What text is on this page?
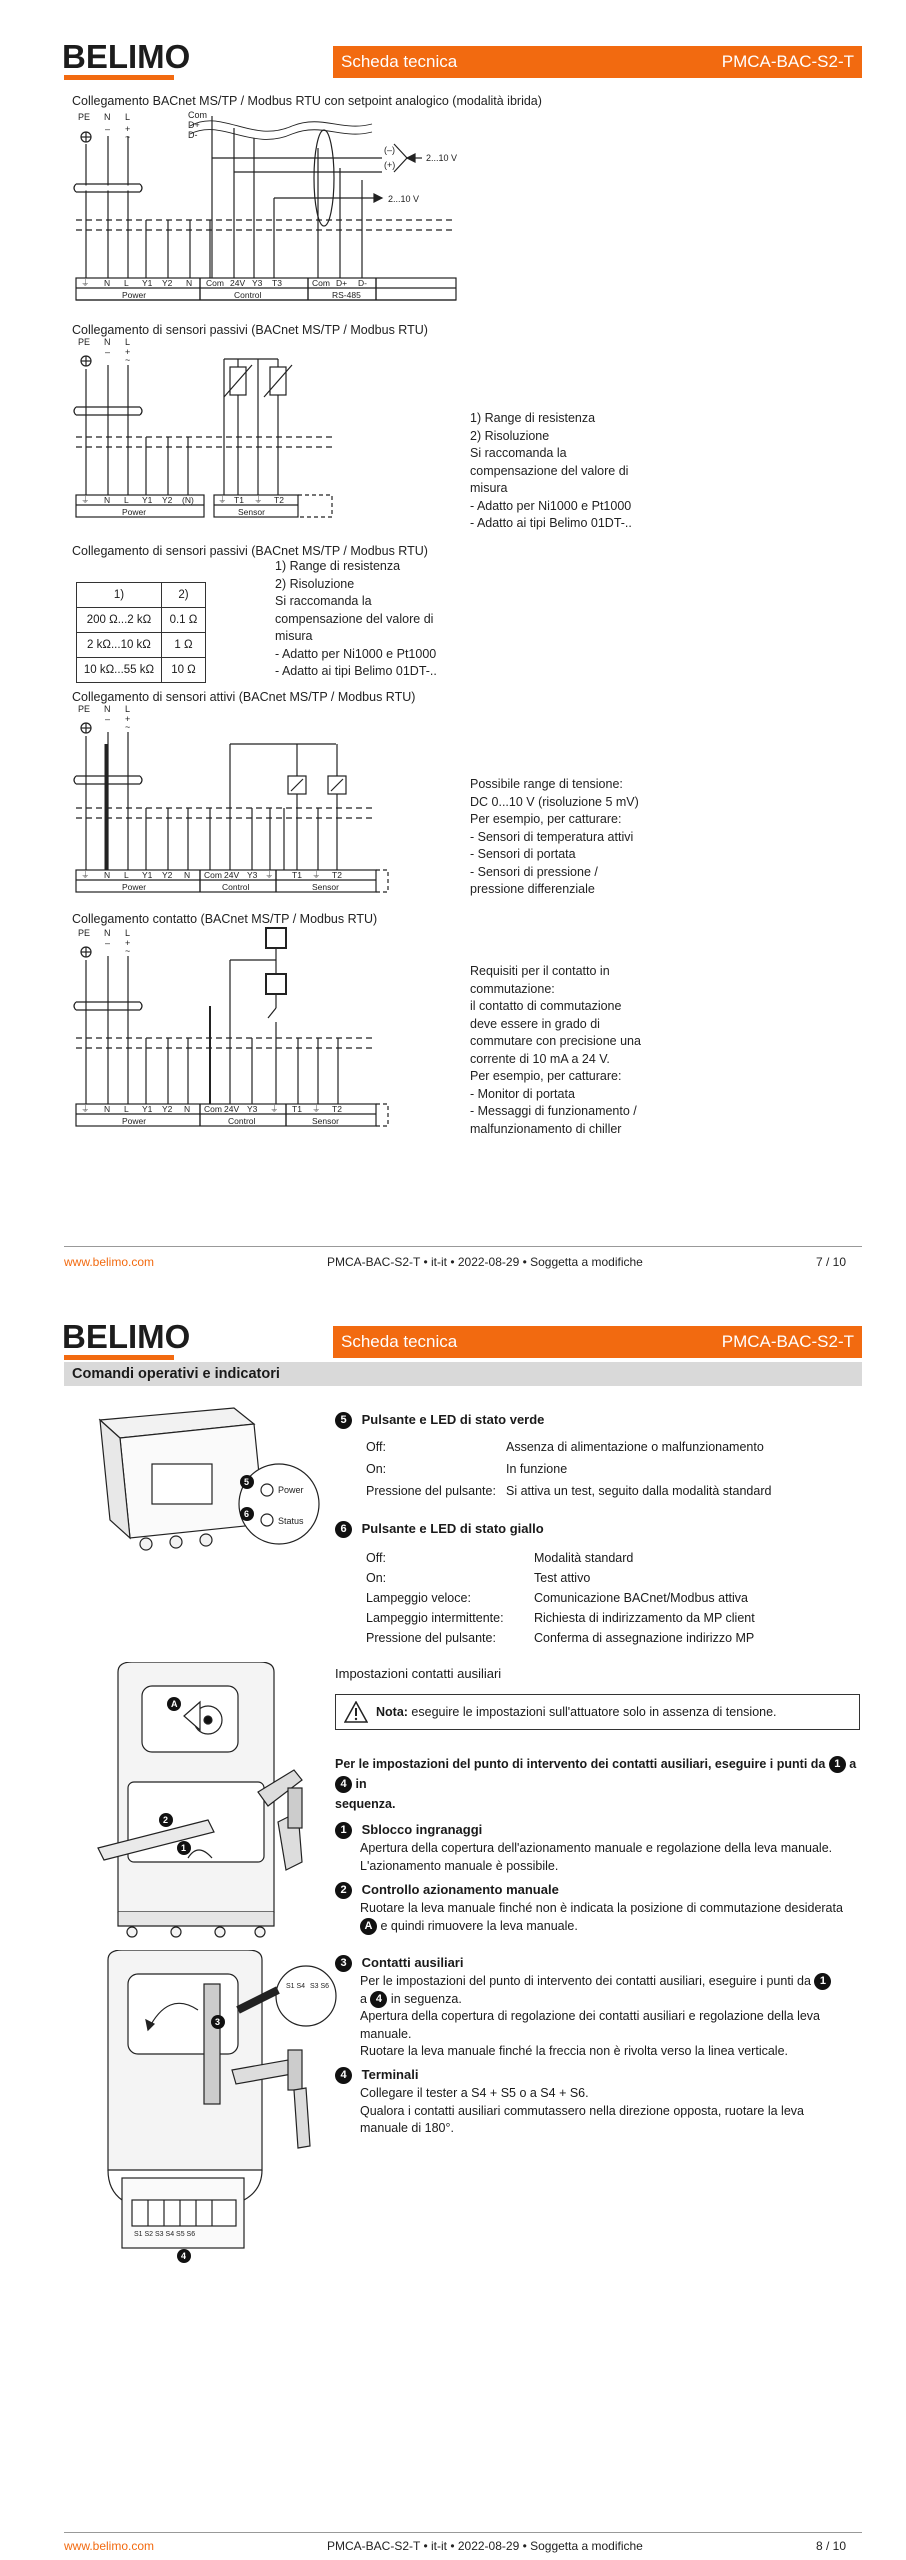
BELIMO	Scheda tecnica	PMCA-BAC-S2-T
Collegamento BACnet MS/TP / Modbus RTU con setpoint analogico (modalità ibrida)
PE N L
– +
~
Com
D+
D-
(–)
(+)
2...10 V
2...10 V
⏚ N L Y1 Y2 N Com 24V Y3 T3	Com D+ D-
Power	Control	RS-485
Collegamento di sensori passivi (BACnet MS/TP / Modbus RTU)
PE N L
– +
~
⏚ N L Y1 Y2 (N)	⏚ T1 ⏚ T2
Power	Sensor
1) Range di resistenza
2) Risoluzione
Si raccomanda la
compensazione del valore di
misura
- Adatto per Ni1000 e Pt1000
- Adatto ai tipi Belimo 01DT-..
Collegamento di sensori passivi (BACnet MS/TP / Modbus RTU)
1)	2)
200 Ω...2 kΩ	0.1 Ω
2 kΩ...10 kΩ	1 Ω
10 kΩ...55 kΩ	10 Ω
1) Range di resistenza
2) Risoluzione
Si raccomanda la
compensazione del valore di
misura
- Adatto per Ni1000 e Pt1000
- Adatto ai tipi Belimo 01DT-..
Collegamento di sensori attivi (BACnet MS/TP / Modbus RTU)
PE N L
– +
~
⏚ N L Y1 Y2 N Com 24V Y3 ⏚ T1 ⏚ T2
Power	Control	Sensor
Possibile range di tensione:
DC 0...10 V (risoluzione 5 mV)
Per esempio, per catturare:
- Sensori di temperatura attivi
- Sensori di portata
- Sensori di pressione /
pressione differenziale
Collegamento contatto (BACnet MS/TP / Modbus RTU)
PE N L
– +
~
⏚ N L Y1 Y2 N Com 24V Y3 ⏚ T1 ⏚ T2
Power	Control	Sensor
Requisiti per il contatto in
commutazione:
il contatto di commutazione
deve essere in grado di
commutare con precisione una
corrente di 10 mA a 24 V.
Per esempio, per catturare:
- Monitor di portata
- Messaggi di funzionamento /
malfunzionamento di chiller
www.belimo.com	PMCA-BAC-S2-T • it-it • 2022-08-29 • Soggetta a modifiche	7 / 10
BELIMO	Scheda tecnica	PMCA-BAC-S2-T
Comandi operativi e indicatori
5
Power
6
Status
5 Pulsante e LED di stato verde
Off:	Assenza di alimentazione o malfunzionamento
On:	In funzione
Pressione del pulsante: Si attiva un test, seguito dalla modalità standard
6 Pulsante e LED di stato giallo
Off:	Modalità standard
On:	Test attivo
Lampeggio veloce:	Comunicazione BACnet/Modbus attiva
Lampeggio intermittente: Richiesta di indirizzamento da MP client
Pressione del pulsante:	Conferma di assegnazione indirizzo MP
Impostazioni contatti ausiliari
Nota: eseguire le impostazioni sull'attuatore solo in assenza di tensione.
Per le impostazioni del punto di intervento dei contatti ausiliari, eseguire i punti da 1 a 4 in
sequenza.
1 Sblocco ingranaggi
Apertura della copertura dell'azionamento manuale e regolazione della leva manuale.
L'azionamento manuale è possibile.
2 Controllo azionamento manuale
Ruotare la leva manuale finché non è indicata la posizione di commutazione desiderata
A e quindi rimuovere la leva manuale.
3 Contatti ausiliari
Per le impostazioni del punto di intervento dei contatti ausiliari, eseguire i punti da 1
a 4 in seguenza.
Apertura della copertura di regolazione dei contatti ausiliari e regolazione della leva
manuale.
Ruotare la leva manuale finché la freccia non è rivolta verso la linea verticale.
4 Terminali
Collegare il tester a S4 + S5 o a S4 + S6.
Qualora i contatti ausiliari commutassero nella direzione opposta, ruotare la leva
manuale di 180°.
A
2
1
S1 S4 S3 S6
S1 S2 S3 S4 S5 S6
3
4
www.belimo.com	PMCA-BAC-S2-T • it-it • 2022-08-29 • Soggetta a modifiche	8 / 10
